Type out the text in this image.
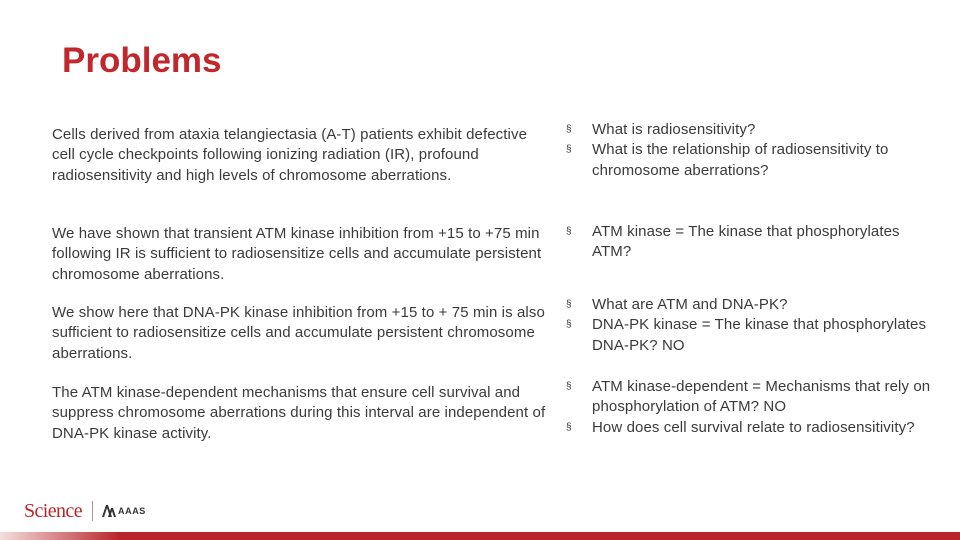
Problems

Cells derived from ataxia telangiectasia (A-T) patients exhibit defective cell cycle checkpoints following ionizing radiation (IR), profound radiosensitivity and high levels of chromosome aberrations.

We have shown that transient ATM kinase inhibition from +15 to +75 min following IR is sufficient to radiosensitize cells and accumulate persistent chromosome aberrations.

We show here that DNA-PK kinase inhibition from +15 to + 75 min is also sufficient to radiosensitize cells and accumulate persistent chromosome aberrations.

The ATM kinase-dependent mechanisms that ensure cell survival and suppress chromosome aberrations during this interval are independent of DNA-PK kinase activity.

§ What is radiosensitivity?
§ What is the relationship of radiosensitivity to chromosome aberrations?
§ ATM kinase = The kinase that phosphorylates ATM?
§ What are ATM and DNA-PK?
§ DNA-PK kinase = The kinase that phosphorylates DNA-PK? NO
§ ATM kinase-dependent = Mechanisms that rely on phosphorylation of ATM? NO
§ How does cell survival relate to radiosensitivity?
Science	AAAS
